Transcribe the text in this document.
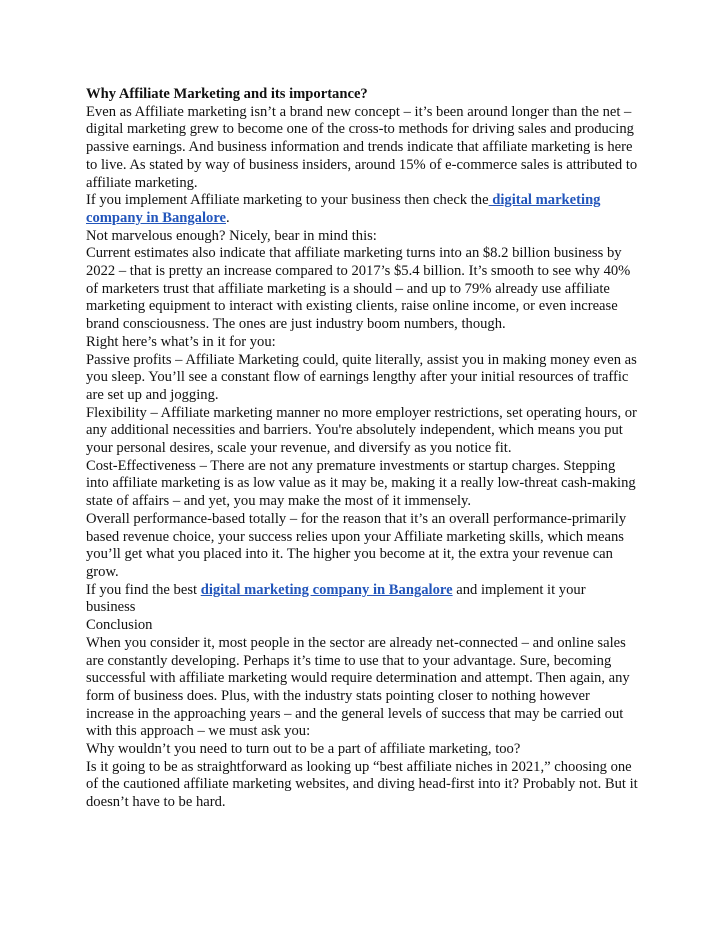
Why Affiliate Marketing and its importance?

Even as Affiliate marketing isn’t a brand new concept – it’s been around longer than the net – digital marketing grew to become one of the cross-to methods for driving sales and producing passive earnings. And business information and trends indicate that affiliate marketing is here to live. As stated by way of business insiders, around 15% of e-commerce sales is attributed to affiliate marketing.

If you implement Affiliate marketing to your business then check the digital marketing company in Bangalore.

Not marvelous enough? Nicely, bear in mind this:

Current estimates also indicate that affiliate marketing turns into an $8.2 billion business by 2022 – that is pretty an increase compared to 2017’s $5.4 billion. It’s smooth to see why 40% of marketers trust that affiliate marketing is a should – and up to 79% already use affiliate marketing equipment to interact with existing clients, raise online income, or even increase brand consciousness. The ones are just industry boom numbers, though.

Right here’s what’s in it for you:

Passive profits – Affiliate Marketing could, quite literally, assist you in making money even as you sleep. You’ll see a constant flow of earnings lengthy after your initial resources of traffic are set up and jogging.

Flexibility – Affiliate marketing manner no more employer restrictions, set operating hours, or any additional necessities and barriers. You're absolutely independent, which means you put your personal desires, scale your revenue, and diversify as you notice fit.

Cost-Effectiveness – There are not any premature investments or startup charges. Stepping into affiliate marketing is as low value as it may be, making it a really low-threat cash-making state of affairs – and yet, you may make the most of it immensely.

Overall performance-based totally – for the reason that it’s an overall performance-primarily based revenue choice, your success relies upon your Affiliate marketing skills, which means you’ll get what you placed into it. The higher you become at it, the extra your revenue can grow.

If you find the best digital marketing company in Bangalore and implement it your business

Conclusion

When you consider it, most people in the sector are already net-connected – and online sales are constantly developing. Perhaps it’s time to use that to your advantage. Sure, becoming successful with affiliate marketing would require determination and attempt. Then again, any form of business does. Plus, with the industry stats pointing closer to nothing however increase in the approaching years – and the general levels of success that may be carried out with this approach – we must ask you:

Why wouldn’t you need to turn out to be a part of affiliate marketing, too?

Is it going to be as straightforward as looking up “best affiliate niches in 2021,” choosing one of the cautioned affiliate marketing websites, and diving head-first into it? Probably not. But it doesn’t have to be hard.
